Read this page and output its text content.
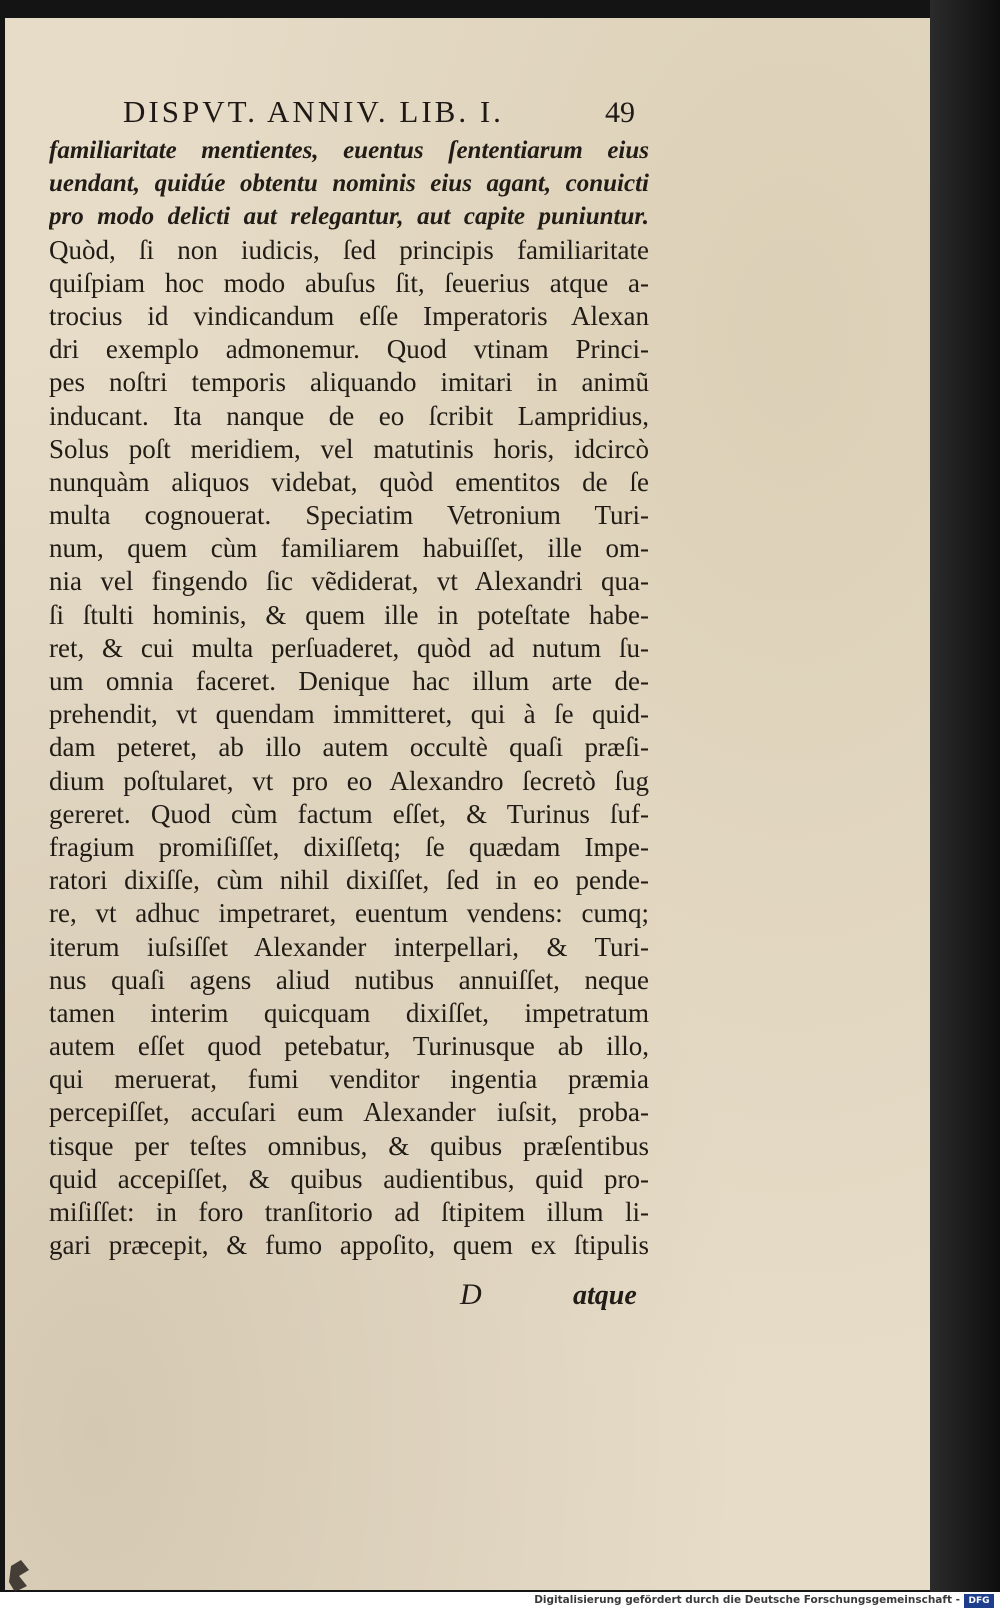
DISPVT. ANNIV. LIB. I.	49
familiaritate mentientes, euentus ſententiarum eius
uendant, quidúe obtentu nominis eius agant, conuicti
pro modo delicti aut relegantur, aut capite puniuntur.
Quòd, ſi non iudicis, ſed principis familiaritate
quiſpiam hoc modo abuſus ſit, ſeuerius atque a-
trocius id vindicandum eſſe Imperatoris Alexan
dri exemplo admonemur. Quod vtinam Princi-
pes noſtri temporis aliquando imitari in animũ
inducant. Ita nanque de eo ſcribit Lampridius,
Solus poſt meridiem, vel matutinis horis, idcircò
nunquàm aliquos videbat, quòd ementitos de ſe
multa cognouerat. Speciatim Vetronium Turi-
num, quem cùm familiarem habuiſſet, ille om-
nia vel fingendo ſic vẽdiderat, vt Alexandri qua-
ſi ſtulti hominis, & quem ille in poteſtate habe-
ret, & cui multa perſuaderet, quòd ad nutum ſu-
um omnia faceret. Denique hac illum arte de-
prehendit, vt quendam immitteret, qui à ſe quid-
dam peteret, ab illo autem occultè quaſi præſi-
dium poſtularet, vt pro eo Alexandro ſecretò ſug
gereret. Quod cùm factum eſſet, & Turinus ſuf-
fragium promiſiſſet, dixiſſetq; ſe quædam Impe-
ratori dixiſſe, cùm nihil dixiſſet, ſed in eo pende-
re, vt adhuc impetraret, euentum vendens: cumq;
iterum iuſsiſſet Alexander interpellari, & Turi-
nus quaſi agens aliud nutibus annuiſſet, neque
tamen interim quicquam dixiſſet, impetratum
autem eſſet quod petebatur, Turinusque ab illo,
qui meruerat, fumi venditor ingentia præmia
percepiſſet, accuſari eum Alexander iuſsit, proba-
tisque per teſtes omnibus, & quibus præſentibus
quid accepiſſet, & quibus audientibus, quid pro-
miſiſſet: in foro tranſitorio ad ſtipitem illum li-
gari præcepit, & fumo appoſito, quem ex ſtipulis
D	atque
Digitalisierung gefördert durch die Deutsche Forschungsgemeinschaft - DFG
